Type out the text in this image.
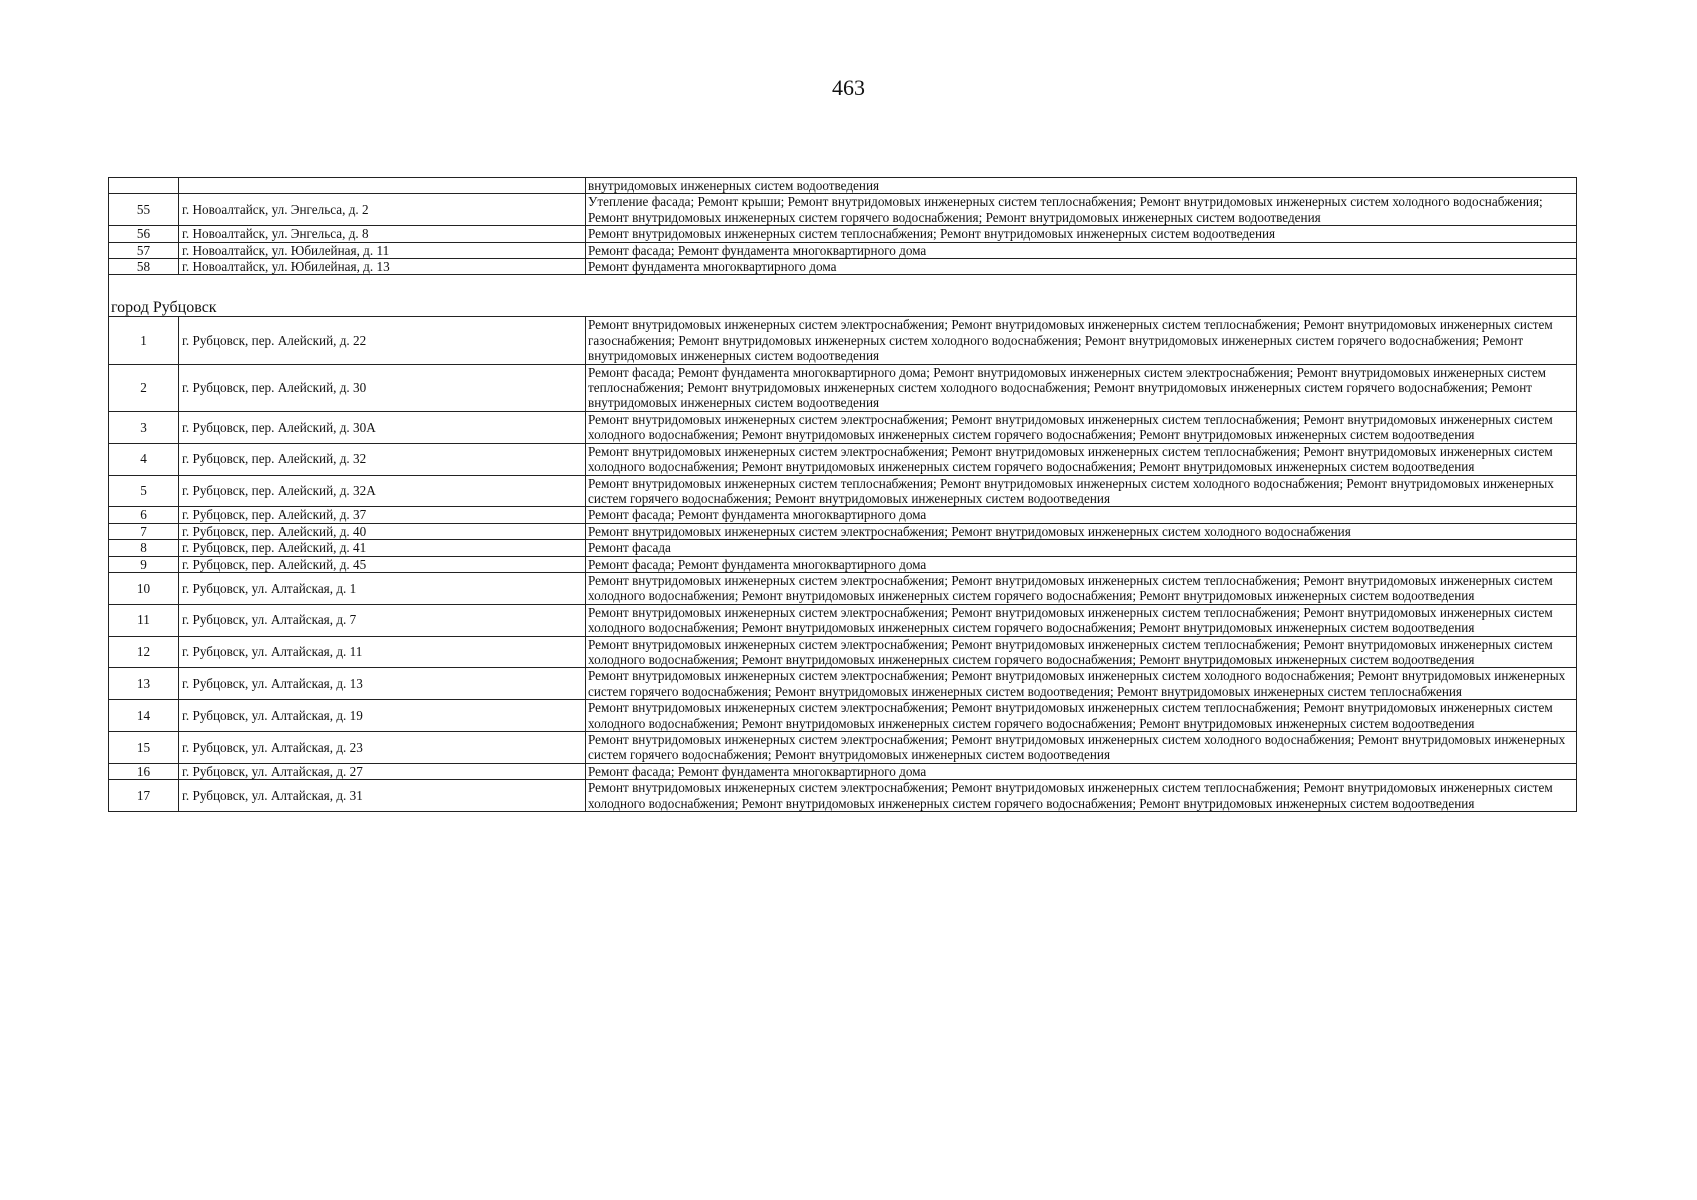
463
		внутридомовых инженерных систем водоотведения
55	г. Новоалтайск, ул. Энгельса, д. 2	Утепление фасада; Ремонт крыши; Ремонт внутридомовых инженерных систем теплоснабжения; Ремонт внутридомовых инженерных систем холодного водоснабжения; Ремонт внутридомовых инженерных систем горячего водоснабжения; Ремонт внутридомовых инженерных систем водоотведения
56	г. Новоалтайск, ул. Энгельса, д. 8	Ремонт внутридомовых инженерных систем теплоснабжения; Ремонт внутридомовых инженерных систем водоотведения
57	г. Новоалтайск, ул. Юбилейная, д. 11	Ремонт фасада; Ремонт фундамента многоквартирного дома
58	г. Новоалтайск, ул. Юбилейная, д. 13	Ремонт фундамента многоквартирного дома
город Рубцовск		
1	г. Рубцовск, пер. Алейский, д. 22	Ремонт внутридомовых инженерных систем электроснабжения; Ремонт внутридомовых инженерных систем теплоснабжения; Ремонт внутридомовых инженерных систем газоснабжения; Ремонт внутридомовых инженерных систем холодного водоснабжения; Ремонт внутридомовых инженерных систем горячего водоснабжения; Ремонт внутридомовых инженерных систем водоотведения
2	г. Рубцовск, пер. Алейский, д. 30	Ремонт фасада; Ремонт фундамента многоквартирного дома; Ремонт внутридомовых инженерных систем электроснабжения; Ремонт внутридомовых инженерных систем теплоснабжения; Ремонт внутридомовых инженерных систем холодного водоснабжения; Ремонт внутридомовых инженерных систем горячего водоснабжения; Ремонт внутридомовых инженерных систем водоотведения
3	г. Рубцовск, пер. Алейский, д. 30А	Ремонт внутридомовых инженерных систем электроснабжения; Ремонт внутридомовых инженерных систем теплоснабжения; Ремонт внутридомовых инженерных систем холодного водоснабжения; Ремонт внутридомовых инженерных систем горячего водоснабжения; Ремонт внутридомовых инженерных систем водоотведения
4	г. Рубцовск, пер. Алейский, д. 32	Ремонт внутридомовых инженерных систем электроснабжения; Ремонт внутридомовых инженерных систем теплоснабжения; Ремонт внутридомовых инженерных систем холодного водоснабжения; Ремонт внутридомовых инженерных систем горячего водоснабжения; Ремонт внутридомовых инженерных систем водоотведения
5	г. Рубцовск, пер. Алейский, д. 32А	Ремонт внутридомовых инженерных систем теплоснабжения; Ремонт внутридомовых инженерных систем холодного водоснабжения; Ремонт внутридомовых инженерных систем горячего водоснабжения; Ремонт внутридомовых инженерных систем водоотведения
6	г. Рубцовск, пер. Алейский, д. 37	Ремонт фасада; Ремонт фундамента многоквартирного дома
7	г. Рубцовск, пер. Алейский, д. 40	Ремонт внутридомовых инженерных систем электроснабжения; Ремонт внутридомовых инженерных систем холодного водоснабжения
8	г. Рубцовск, пер. Алейский, д. 41	Ремонт фасада
9	г. Рубцовск, пер. Алейский, д. 45	Ремонт фасада; Ремонт фундамента многоквартирного дома
10	г. Рубцовск, ул. Алтайская, д. 1	Ремонт внутридомовых инженерных систем электроснабжения; Ремонт внутридомовых инженерных систем теплоснабжения; Ремонт внутридомовых инженерных систем холодного водоснабжения; Ремонт внутридомовых инженерных систем горячего водоснабжения; Ремонт внутридомовых инженерных систем водоотведения
11	г. Рубцовск, ул. Алтайская, д. 7	Ремонт внутридомовых инженерных систем электроснабжения; Ремонт внутридомовых инженерных систем теплоснабжения; Ремонт внутридомовых инженерных систем холодного водоснабжения; Ремонт внутридомовых инженерных систем горячего водоснабжения; Ремонт внутридомовых инженерных систем водоотведения
12	г. Рубцовск, ул. Алтайская, д. 11	Ремонт внутридомовых инженерных систем электроснабжения; Ремонт внутридомовых инженерных систем теплоснабжения; Ремонт внутридомовых инженерных систем холодного водоснабжения; Ремонт внутридомовых инженерных систем горячего водоснабжения; Ремонт внутридомовых инженерных систем водоотведения
13	г. Рубцовск, ул. Алтайская, д. 13	Ремонт внутридомовых инженерных систем электроснабжения; Ремонт внутридомовых инженерных систем холодного водоснабжения; Ремонт внутридомовых инженерных систем горячего водоснабжения; Ремонт внутридомовых инженерных систем водоотведения; Ремонт внутридомовых инженерных систем теплоснабжения
14	г. Рубцовск, ул. Алтайская, д. 19	Ремонт внутридомовых инженерных систем электроснабжения; Ремонт внутридомовых инженерных систем теплоснабжения; Ремонт внутридомовых инженерных систем холодного водоснабжения; Ремонт внутридомовых инженерных систем горячего водоснабжения; Ремонт внутридомовых инженерных систем водоотведения
15	г. Рубцовск, ул. Алтайская, д. 23	Ремонт внутридомовых инженерных систем электроснабжения; Ремонт внутридомовых инженерных систем холодного водоснабжения; Ремонт внутридомовых инженерных систем горячего водоснабжения; Ремонт внутридомовых инженерных систем водоотведения
16	г. Рубцовск, ул. Алтайская, д. 27	Ремонт фасада; Ремонт фундамента многоквартирного дома
17	г. Рубцовск, ул. Алтайская, д. 31	Ремонт внутридомовых инженерных систем электроснабжения; Ремонт внутридомовых инженерных систем теплоснабжения; Ремонт внутридомовых инженерных систем холодного водоснабжения; Ремонт внутридомовых инженерных систем горячего водоснабжения; Ремонт внутридомовых инженерных систем водоотведения
